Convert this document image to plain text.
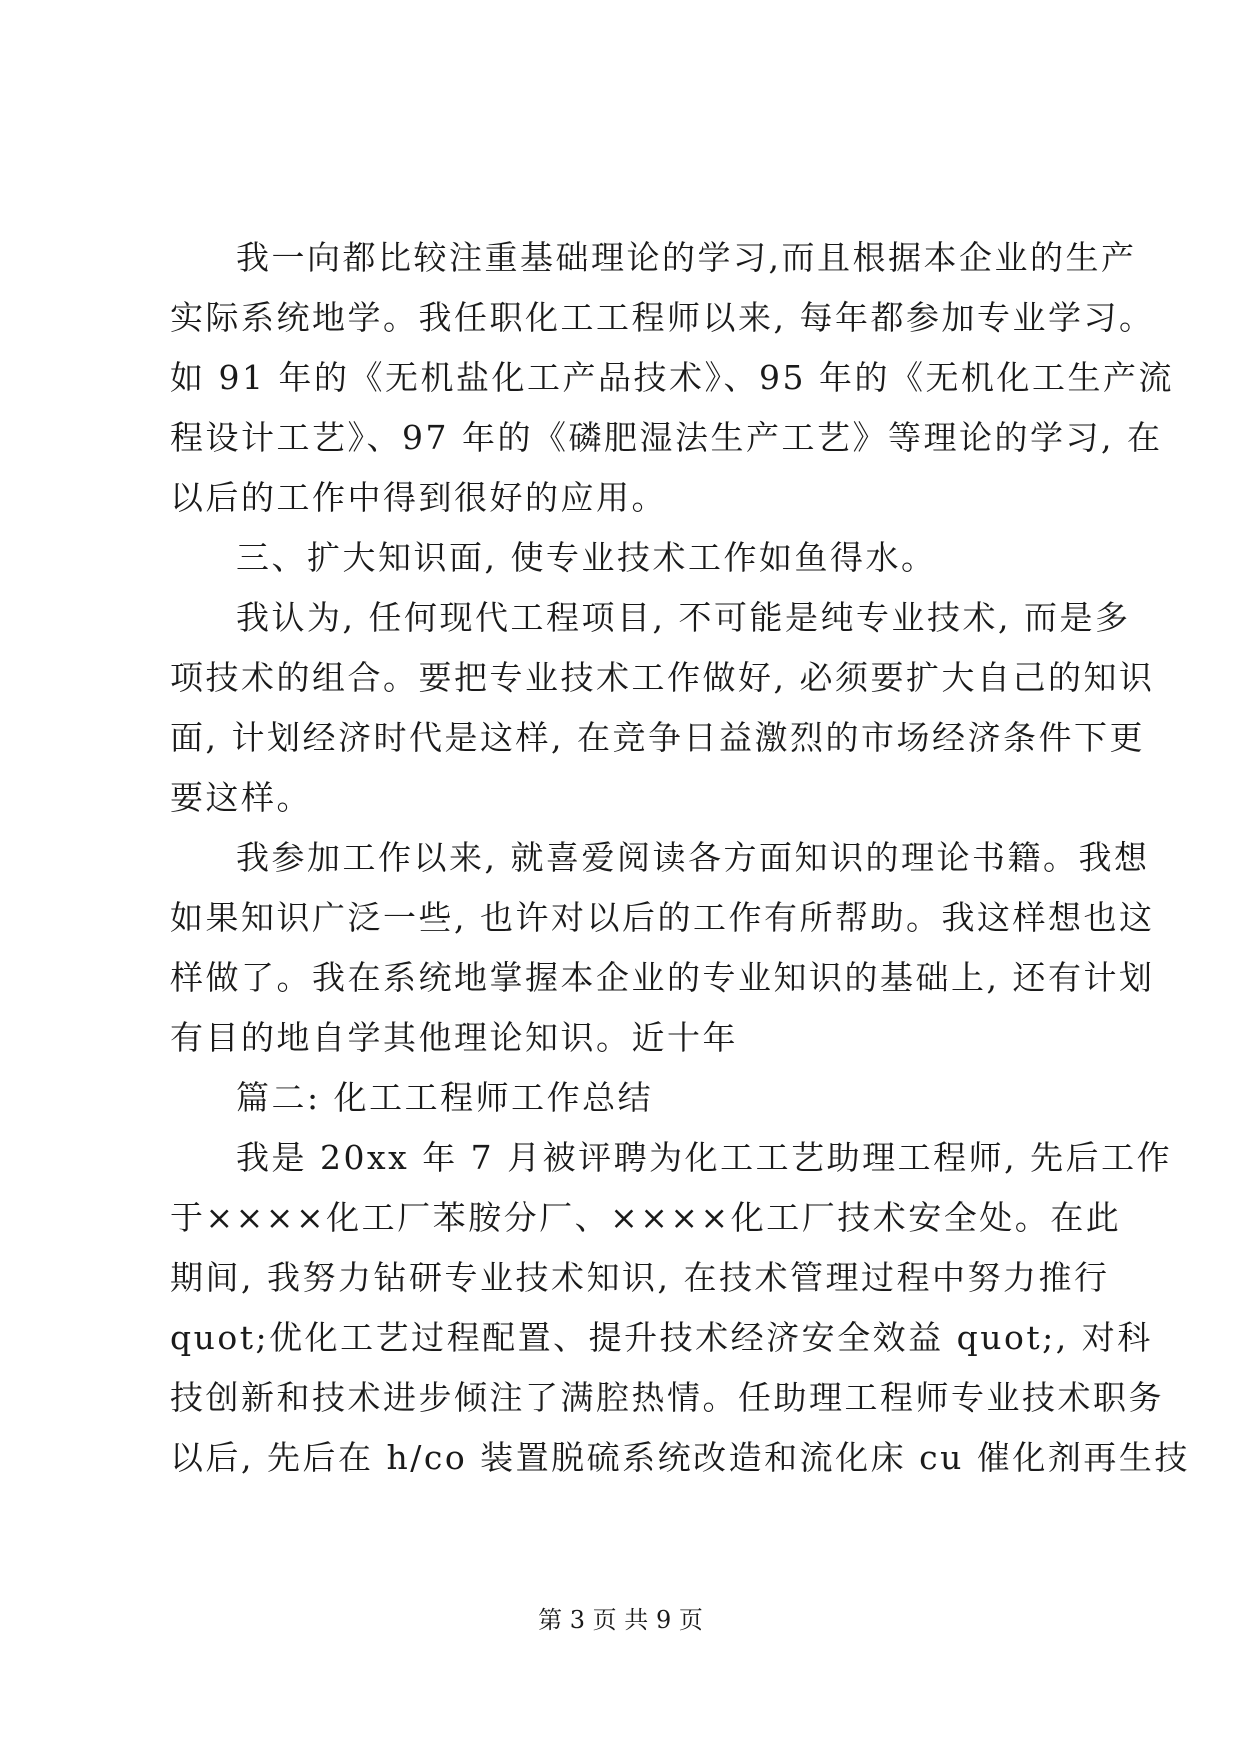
我一向都比较注重基础理论的学习,而且根据本企业的生产
实际系统地学。我任职化工工程师以来, 每年都参加专业学习。
如 91 年的《无机盐化工产品技术》、95 年的《无机化工生产流
程设计工艺》、97 年的《磷肥湿法生产工艺》等理论的学习, 在
以后的工作中得到很好的应用。
三、扩大知识面, 使专业技术工作如鱼得水。
我认为, 任何现代工程项目, 不可能是纯专业技术, 而是多
项技术的组合。要把专业技术工作做好, 必须要扩大自己的知识
面, 计划经济时代是这样, 在竞争日益激烈的市场经济条件下更
要这样。
我参加工作以来, 就喜爱阅读各方面知识的理论书籍。我想
如果知识广泛一些, 也许对以后的工作有所帮助。我这样想也这
样做了。我在系统地掌握本企业的专业知识的基础上, 还有计划
有目的地自学其他理论知识。近十年
篇二: 化工工程师工作总结
我是 20xx 年 7 月被评聘为化工工艺助理工程师, 先后工作
于××××化工厂苯胺分厂、××××化工厂技术安全处。在此
期间, 我努力钻研专业技术知识, 在技术管理过程中努力推行
quot;优化工艺过程配置、提升技术经济安全效益 quot;, 对科
技创新和技术进步倾注了满腔热情。任助理工程师专业技术职务
以后, 先后在 h/co 装置脱硫系统改造和流化床 cu 催化剂再生技
第 3 页 共 9 页
